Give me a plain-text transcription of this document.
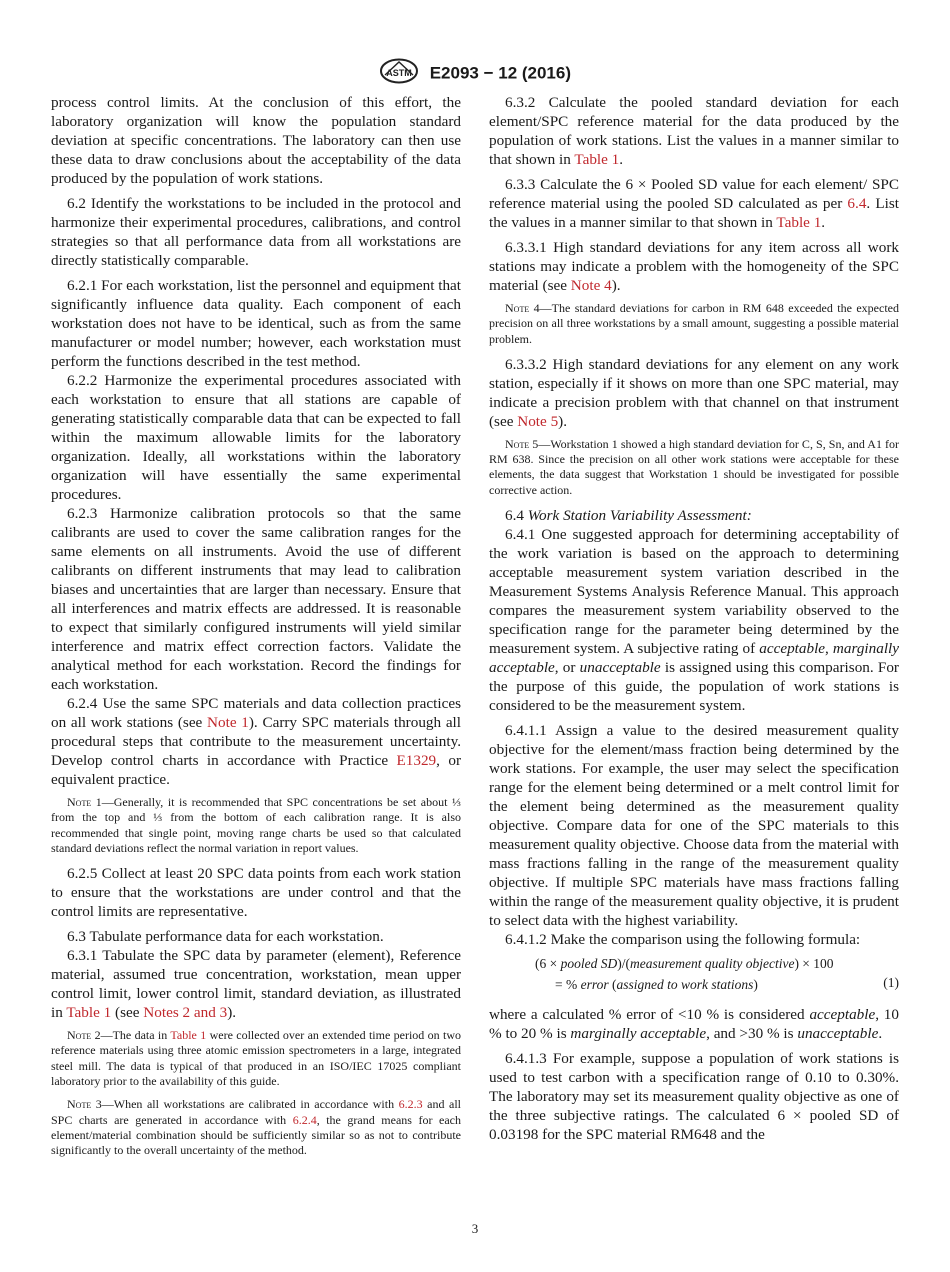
ASTM E2093 − 12 (2016)

process control limits. At the conclusion of this effort, the laboratory organization will know the population standard deviation at specific concentrations. The laboratory can then use these data to draw conclusions about the acceptability of the data produced by the population of work stations.

6.2 Identify the workstations to be included in the protocol and harmonize their experimental procedures, calibrations, and control strategies so that all performance data from all workstations are directly statistically comparable.

6.2.1 For each workstation, list the personnel and equipment that significantly influence data quality. Each component of each workstation does not have to be identical, such as from the same manufacturer or model number; however, each workstation must perform the functions described in the test method.

6.2.2 Harmonize the experimental procedures associated with each workstation to ensure that all stations are capable of generating statistically comparable data that can be expected to fall within the maximum allowable limits for the laboratory organization. Ideally, all workstations within the laboratory organization will have essentially the same experimental procedures.

6.2.3 Harmonize calibration protocols so that the same calibrants are used to cover the same calibration ranges for the same elements on all instruments. Avoid the use of different calibrants on different instruments that may lead to calibration biases and uncertainties that are larger than necessary. Ensure that all interferences and matrix effects are addressed. It is reasonable to expect that similarly configured instruments will yield similar interference and matrix effect correction factors. Validate the analytical method for each workstation. Record the findings for each workstation.

6.2.4 Use the same SPC materials and data collection practices on all work stations (see Note 1). Carry SPC materials through all procedural steps that contribute to the measurement uncertainty. Develop control charts in accordance with Practice E1329, or equivalent practice.

Note 1—Generally, it is recommended that SPC concentrations be set about ⅓ from the top and ⅓ from the bottom of each calibration range. It is also recommended that single point, moving range charts be used so that calculated standard deviations reflect the normal variation in report values.

6.2.5 Collect at least 20 SPC data points from each work station to ensure that the workstations are under control and that the control limits are representative.

6.3 Tabulate performance data for each workstation.

6.3.1 Tabulate the SPC data by parameter (element), Reference material, assumed true concentration, workstation, mean upper control limit, lower control limit, standard deviation, as illustrated in Table 1 (see Notes 2 and 3).

Note 2—The data in Table 1 were collected over an extended time period on two reference materials using three atomic emission spectrometers in a large, integrated steel mill. The data is typical of that produced in an ISO/IEC 17025 compliant laboratory prior to the availability of this guide.
Note 3—When all workstations are calibrated in accordance with 6.2.3 and all SPC charts are generated in accordance with 6.2.4, the grand means for each element/material combination should be sufficiently similar so as not to contribute significantly to the overall uncertainty of the method.

6.3.2 Calculate the pooled standard deviation for each element/SPC reference material for the data produced by the population of work stations. List the values in a manner similar to that shown in Table 1.

6.3.3 Calculate the 6 × Pooled SD value for each element/ SPC reference material using the pooled SD calculated as per 6.4. List the values in a manner similar to that shown in Table 1.

6.3.3.1 High standard deviations for any item across all work stations may indicate a problem with the homogeneity of the SPC material (see Note 4).

Note 4—The standard deviations for carbon in RM 648 exceeded the expected precision on all three workstations by a small amount, suggesting a possible material problem.

6.3.3.2 High standard deviations for any element on any work station, especially if it shows on more than one SPC material, may indicate a precision problem with that channel on that instrument (see Note 5).

Note 5—Workstation 1 showed a high standard deviation for C, S, Sn, and A1 for RM 638. Since the precision on all other work stations were acceptable for these elements, the data suggest that Workstation 1 should be investigated for possible corrective action.

6.4 Work Station Variability Assessment:

6.4.1 One suggested approach for determining acceptability of the work variation is based on the approach to determining acceptable measurement system variation described in the Measurement Systems Analysis Reference Manual. This approach compares the measurement system variability observed to the specification range for the parameter being determined by the measurement system. A subjective rating of acceptable, marginally acceptable, or unacceptable is assigned using this comparison. For the purpose of this guide, the population of work stations is considered to be the measurement system.

6.4.1.1 Assign a value to the desired measurement quality objective for the element/mass fraction being determined by the work stations. For example, the user may select the specification range for the element being determined or a melt control limit for the element being determined as the measurement quality objective. Compare data for one of the SPC materials to this measurement quality objective. Choose data from the material with mass fractions falling in the range of the measurement quality objective. If multiple SPC materials have mass fractions falling within the range of the measurement quality objective, it is prudent to select data with the highest variability.

6.4.1.2 Make the comparison using the following formula:

(6 × pooled SD)/(measurement quality objective) × 100
= % error (assigned to work stations)	(1)

where a calculated % error of <10 % is considered acceptable, 10 % to 20 % is marginally acceptable, and >30 % is unacceptable.

6.4.1.3 For example, suppose a population of work stations is used to test carbon with a specification range of 0.10 to 0.30%. The laboratory may set its measurement quality objective as one of the three subjective ratings. The calculated 6 × pooled SD of 0.03198 for the SPC material RM648 and the

3
